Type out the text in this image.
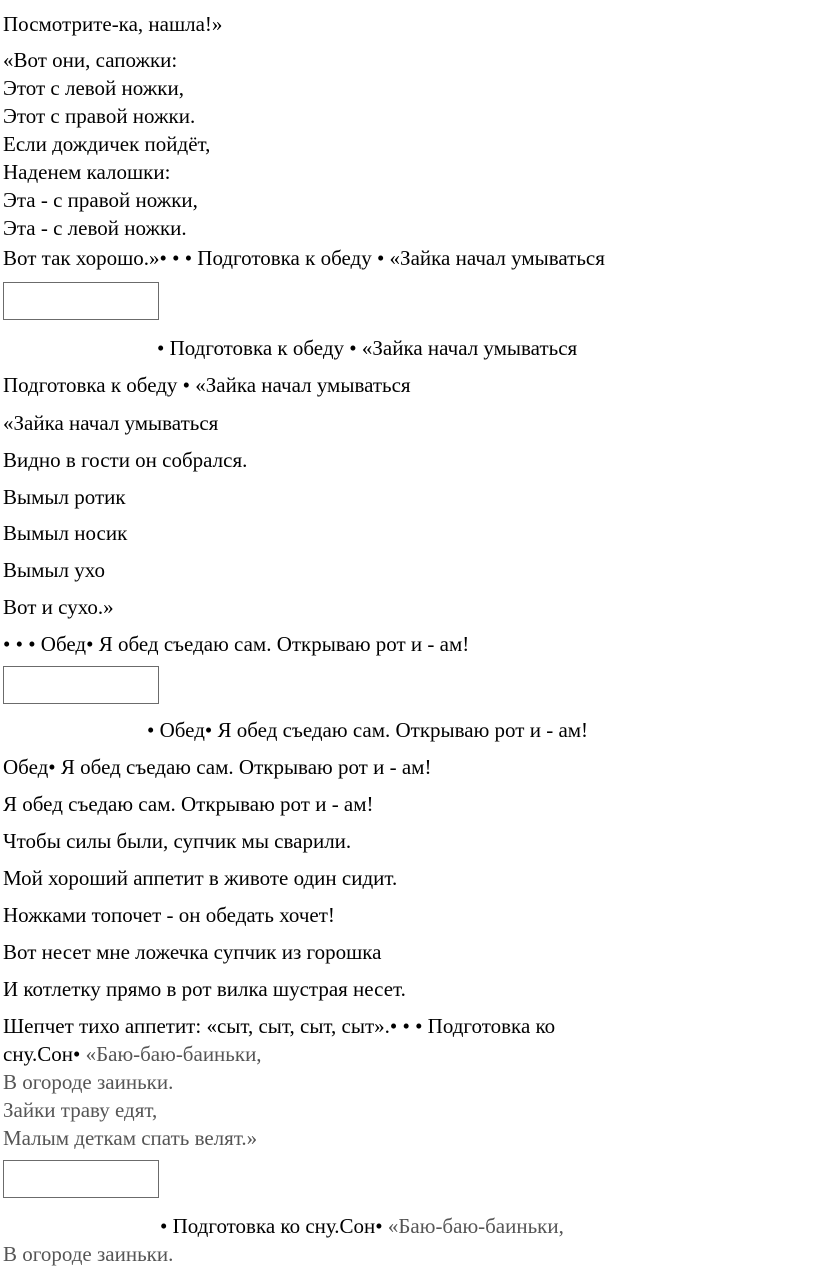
Посмотрите-ка, нашла!»
«Вот они, сапожки:
Этот с левой ножки,
Этот с правой ножки.
Если дождичек пойдёт,
Наденем калошки:
Эта - с правой ножки,
Эта - с левой ножки.
Вот так хорошо.»• • • Подготовка к обеду • «Зайка начал умываться
• Подготовка к обеду • «Зайка начал умываться
Подготовка к обеду • «Зайка начал умываться
«Зайка начал умываться
Видно в гости он собрался.
Вымыл ротик
Вымыл носик
Вымыл ухо
Вот и сухо.»
• • • Обед• Я обед съедаю сам. Открываю рот и - ам!
• Обед• Я обед съедаю сам. Открываю рот и - ам!
Обед• Я обед съедаю сам. Открываю рот и - ам!
Я обед съедаю сам. Открываю рот и - ам!
Чтобы силы были, супчик мы сварили.
Мой хороший аппетит в животе один сидит.
Ножками топочет - он обедать хочет!
Вот несет мне ложечка супчик из горошка
И котлетку прямо в рот вилка шустрая несет.
Шепчет тихо аппетит: «сыт, сыт, сыт, сыт».• • • Подготовка ко
сну.Сон• «Баю-баю-баиньки,
В огороде заиньки.
Зайки траву едят,
Малым деткам спать велят.»
• Подготовка ко сну.Сон• «Баю-баю-баиньки,
В огороде заиньки.
